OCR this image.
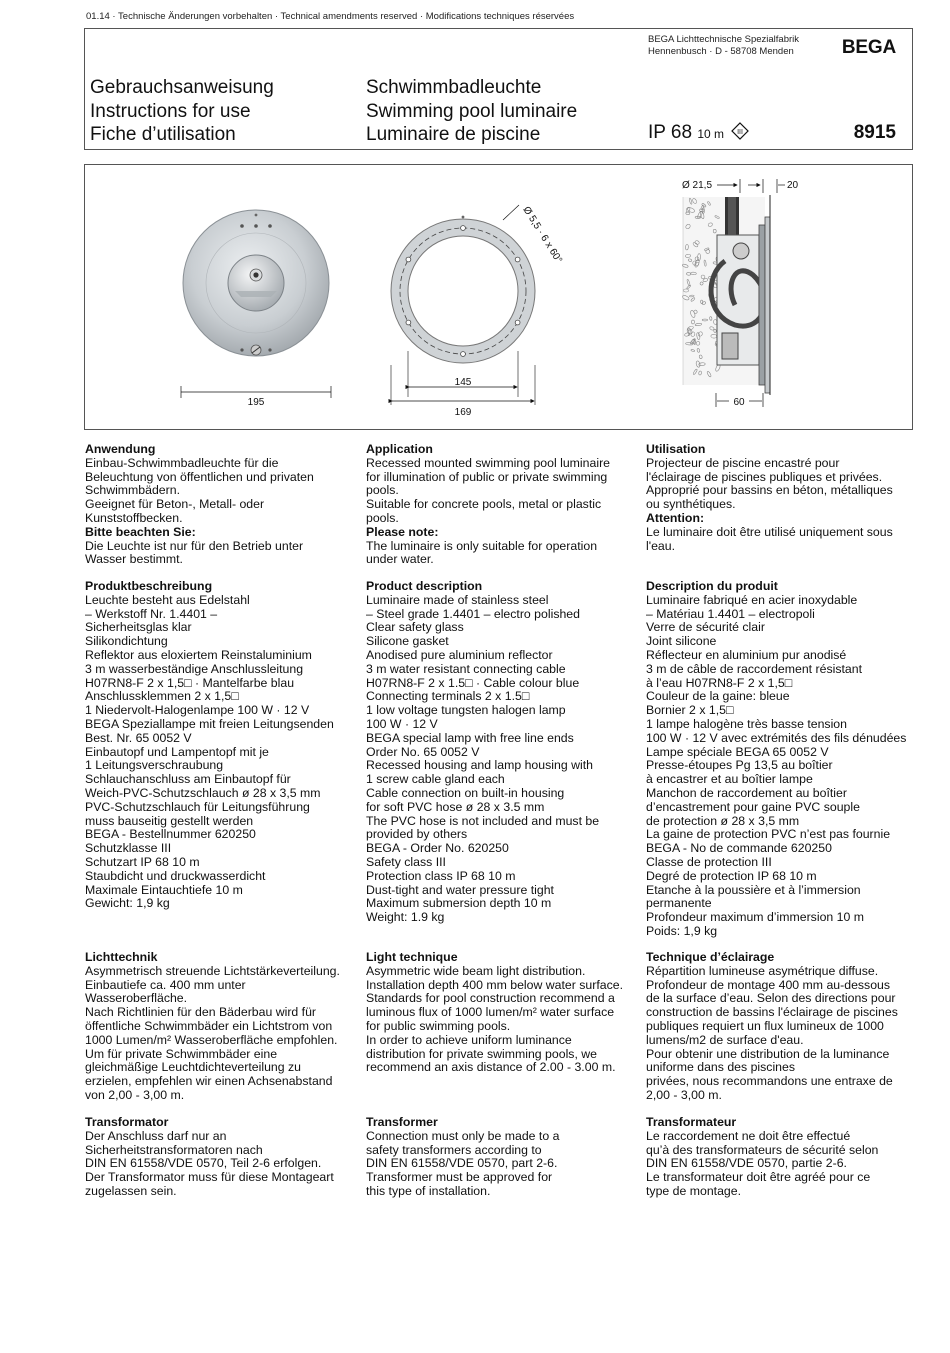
01.14 · Technische Änderungen vorbehalten · Technical amendments reserved · Modifications techniques réservées
BEGA Lichttechnische Spezialfabrik
Hennenbusch · D - 58708 Menden	BEGA
Gebrauchsanweisung
Instructions for use
Fiche d’utilisation
Schwimmbadleuchte
Swimming pool luminaire
Luminaire de piscine	IP 68 10 m III	8915
195
Ø 5,5 · 6 x 60°
145
169
Ø 21,5	20
60
Anwendung

Einbau-Schwimmbadleuchte für die
Beleuchtung von öffentlichen und privaten
Schwimmbädern.
Geeignet für Beton-, Metall- oder
Kunststoffbecken.

Bitte beachten Sie:

Die Leuchte ist nur für den Betrieb unter
Wasser bestimmt.

Produktbeschreibung

Leuchte besteht aus Edelstahl
– Werkstoff Nr. 1.4401 –
Sicherheitsglas klar
Silikondichtung
Reflektor aus eloxiertem Reinstaluminium
3 m wasserbeständige Anschlussleitung
H07RN8-F 2 x 1,5□ · Mantelfarbe blau
Anschlussklemmen 2 x 1,5□
1 Niedervolt-Halogenlampe 100 W · 12 V
BEGA Speziallampe mit freien Leitungsenden
Best. Nr. 65 0052 V
Einbautopf und Lampentopf mit je
1 Leitungsverschraubung
Schlauchanschluss am Einbautopf für
Weich-PVC-Schutzschlauch ø 28 x 3,5 mm
PVC-Schutzschlauch für Leitungsführung
muss bauseitig gestellt werden
BEGA - Bestellnummer 620250
Schutzklasse III
Schutzart IP 68 10 m
Staubdicht und druckwasserdicht
Maximale Eintauchtiefe 10 m
Gewicht: 1,9 kg

Lichttechnik

Asymmetrisch streuende Lichtstärkeverteilung.
Einbautiefe ca. 400 mm unter
Wasseroberfläche.
Nach Richtlinien für den Bäderbau wird für
öffentliche Schwimmbäder ein Lichtstrom von
1000 Lumen/m² Wasseroberfläche empfohlen.
Um für private Schwimmbäder eine
gleichmäßige Leuchtdichteverteilung zu
erzielen, empfehlen wir einen Achsenabstand
von 2,00 - 3,00 m.

Transformator

Der Anschluss darf nur an
Sicherheitstransformatoren nach
DIN EN 61558/VDE 0570, Teil 2-6 erfolgen.
Der Transformator muss für diese Montageart
zugelassen sein.

Application

Recessed mounted swimming pool luminaire
for illumination of public or private swimming
pools.
Suitable for concrete pools, metal or plastic
pools.

Please note:

The luminaire is only suitable for operation
under water.

Product description

Luminaire made of stainless steel
– Steel grade 1.4401 – electro polished
Clear safety glass
Silicone gasket
Anodised pure aluminium reflector
3 m water resistant connecting cable
H07RN8-F 2 x 1.5□ · Cable colour blue
Connecting terminals 2 x 1.5□
1 low voltage tungsten halogen lamp
100 W · 12 V
BEGA special lamp with free line ends
Order No. 65 0052 V
Recessed housing and lamp housing with
1 screw cable gland each
Cable connection on built-in housing
for soft PVC hose ø 28 x 3.5 mm
The PVC hose is not included and must be
provided by others
BEGA - Order No. 620250
Safety class III
Protection class IP 68 10 m
Dust-tight and water pressure tight
Maximum submersion depth 10 m
Weight: 1.9 kg

Light technique

Asymmetric wide beam light distribution.
Installation depth 400 mm below water surface.
Standards for pool construction recommend a
luminous flux of 1000 lumen/m² water surface
for public swimming pools.
In order to achieve uniform luminance
distribution for private swimming pools, we
recommend an axis distance of 2.00 - 3.00 m.

Transformer

Connection must only be made to a
safety transformers according to
DIN EN 61558/VDE 0570, part 2-6.
Transformer must be approved for
this type of installation.

Utilisation

Projecteur de piscine encastré pour
l'éclairage de piscines publiques et privées.
Approprié pour bassins en béton, métalliques
ou synthétiques.

Attention:

Le luminaire doit être utilisé uniquement sous
l'eau.

Description du produit

Luminaire fabriqué en acier inoxydable
– Matériau 1.4401 – electropoli
Verre de sécurité clair
Joint silicone
Réflecteur en aluminium pur anodisé
3 m de câble de raccordement résistant
à l’eau H07RN8-F 2 x 1,5□
Couleur de la gaine: bleue
Bornier 2 x 1,5□
1 lampe halogène très basse tension
100 W · 12 V avec extrémités des fils dénudées
Lampe spéciale BEGA 65 0052 V
Presse-étoupes Pg 13,5 au boîtier
à encastrer et au boîtier lampe
Manchon de raccordement au boîtier
d’encastrement pour gaine PVC souple
de protection ø 28 x 3,5 mm
La gaine de protection PVC n’est pas fournie
BEGA - No de commande 620250
Classe de protection III
Degré de protection IP 68 10 m
Etanche à la poussière et à l’immersion
permanente
Profondeur maximum d’immersion 10 m
Poids: 1,9 kg

Technique d’éclairage

Répartition lumineuse asymétrique diffuse.
Profondeur de montage 400 mm au-dessous
de la surface d’eau. Selon des directions pour
construction de bassins l'éclairage de piscines
publiques requiert un flux lumineux de 1000
lumens/m2 de surface d'eau.
Pour obtenir une distribution de la luminance
uniforme dans des piscines
privées, nous recommandons une entraxe de
2,00 - 3,00 m.

Transformateur

Le raccordement ne doit être effectué
qu’à des transformateurs de sécurité selon
DIN EN 61558/VDE 0570, partie 2-6.
Le transformateur doit être agréé pour ce
type de montage.
